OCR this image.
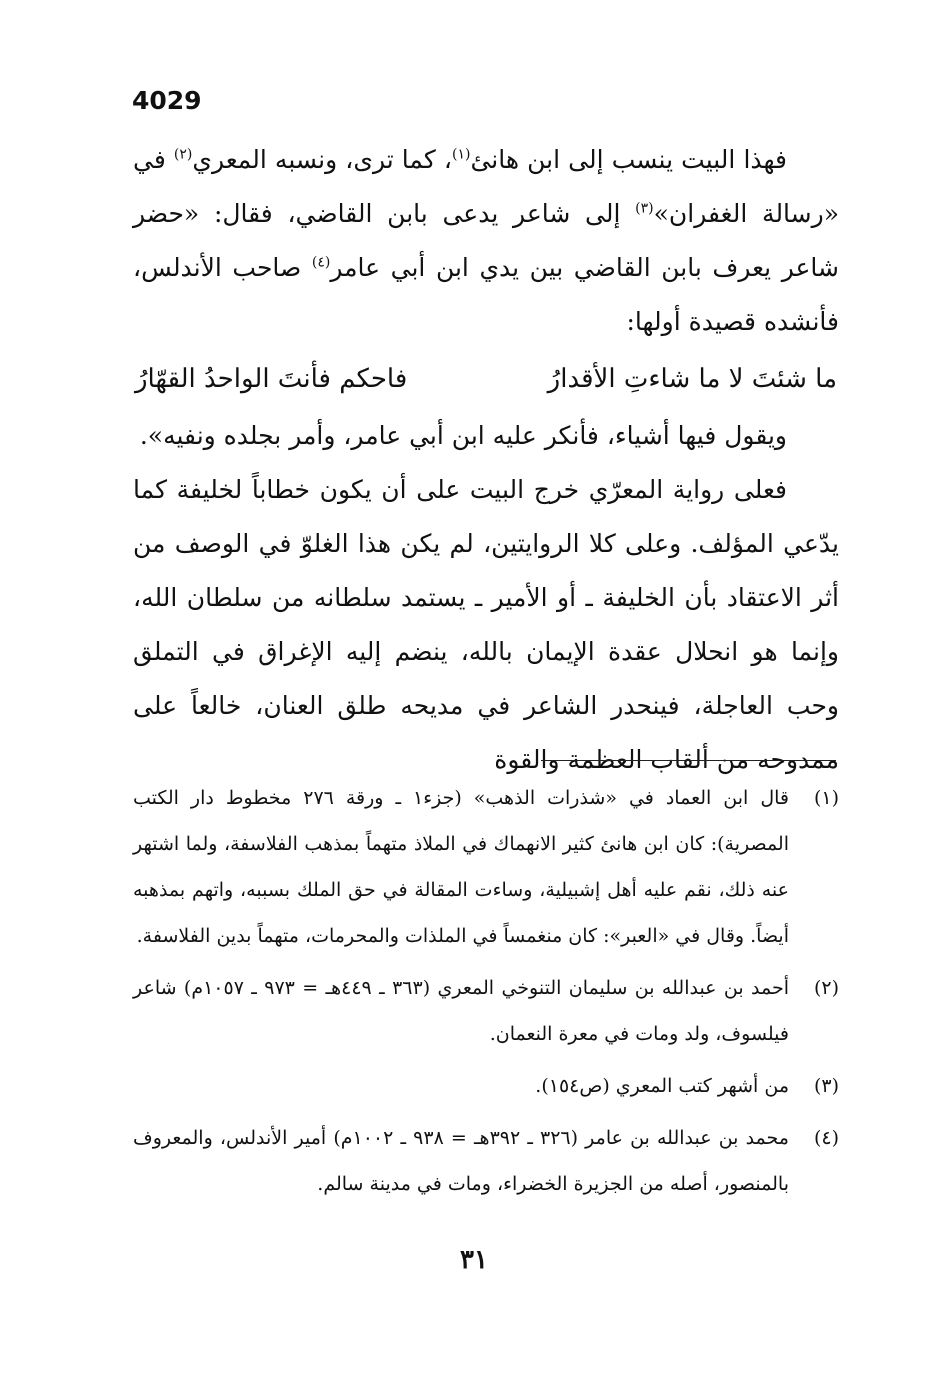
4029

فهذا البيت ينسب إلى ابن هانئ$^{(١)}$، كما ترى، ونسبه المعري$^{(٢)}$ في «رسالة الغفران»$^{(٣)}$ إلى شاعر يدعى بابن القاضي، فقال: «حضر شاعر يعرف بابن القاضي بين يدي ابن أبي عامر$^{(٤)}$ صاحب الأندلس، فأنشده قصيدة أولها:

ما شئتَ لا ما شاءتِ الأقدارُ
فاحكم فأنتَ الواحدُ القهّارُ

ويقول فيها أشياء، فأنكر عليه ابن أبي عامر، وأمر بجلده ونفيه».

فعلى رواية المعرّي خرج البيت على أن يكون خطاباً لخليفة كما يدّعي المؤلف. وعلى كلا الروايتين، لم يكن هذا الغلوّ في الوصف من أثر الاعتقاد بأن الخليفة ـ أو الأمير ـ يستمد سلطانه من سلطان الله، وإنما هو انحلال عقدة الإيمان بالله، ينضم إليه الإغراق في التملق وحب العاجلة، فينحدر الشاعر في مديحه طلق العنان، خالعاً على ممدوحه من ألقاب العظمة والقوة

(١)
قال ابن العماد في «شذرات الذهب» (جزء١ ـ ورقة ٢٧٦ مخطوط دار الكتب المصرية): كان ابن هانئ كثير الانهماك في الملاذ متهماً بمذهب الفلاسفة، ولما اشتهر عنه ذلك، نقم عليه أهل إشبيلية، وساءت المقالة في حق الملك بسببه، واتهم بمذهبه أيضاً. وقال في «العبر»: كان منغمساً في الملذات والمحرمات، متهماً بدين الفلاسفة.
(٢)
أحمد بن عبدالله بن سليمان التنوخي المعري (٣٦٣ ـ ٤٤٩هـ = ٩٧٣ ـ ١٠٥٧م) شاعر فيلسوف، ولد ومات في معرة النعمان.
(٣)
من أشهر كتب المعري (ص١٥٤).
(٤)
محمد بن عبدالله بن عامر (٣٢٦ ـ ٣٩٢هـ = ٩٣٨ ـ ١٠٠٢م) أمير الأندلس، والمعروف بالمنصور، أصله من الجزيرة الخضراء، ومات في مدينة سالم.
٣١
